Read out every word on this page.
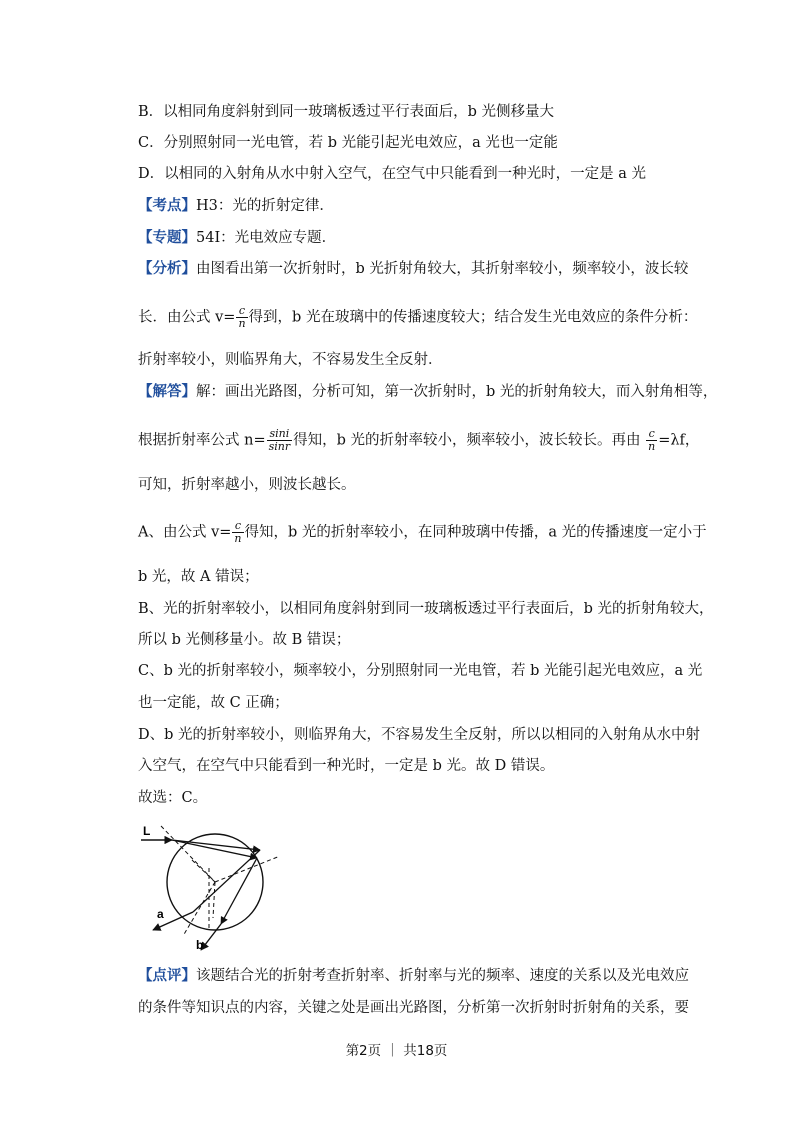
B．以相同角度斜射到同一玻璃板透过平行表面后，b 光侧移量大
C．分别照射同一光电管，若 b 光能引起光电效应，a 光也一定能
D．以相同的入射角从水中射入空气，在空气中只能看到一种光时，一定是 a 光
【考点】H3：光的折射定律．
【专题】54I：光电效应专题．
【分析】由图看出第一次折射时，b 光折射角较大，其折射率较小，频率较小，波长较
长．由公式 $v= \frac{c}{n}$ 得到，b 光在玻璃中的传播速度较大；结合发生光电效应的条件分析：
折射率较小，则临界角大，不容易发生全反射．
【解答】解：画出光路图，分析可知，第一次折射时，b 光的折射角较大，而入射角相等，
根据折射率公式 $n= \frac{\sin i}{\sin r}$ 得知，b 光的折射率较小，频率较小，波长较长。再由 $\frac{c}{n} =\lambda f$，
可知，折射率越小，则波长越长。
A、由公式 $v= \frac{c}{n}$ 得知，b 光的折射率较小，在同种玻璃中传播，a 光的传播速度一定小于
b 光，故 A 错误；
B、光的折射率较小，以相同角度斜射到同一玻璃板透过平行表面后，b 光的折射角较大，
所以 b 光侧移量小。故 B 错误；
C、b 光的折射率较小，频率较小，分别照射同一光电管，若 b 光能引起光电效应，a 光
也一定能，故 C 正确；
D、b 光的折射率较小，则临界角大，不容易发生全反射，所以以相同的入射角从水中射
入空气，在空气中只能看到一种光时，一定是 b 光。故 D 错误。
故选：C。
L
a
b
【点评】该题结合光的折射考查折射率、折射率与光的频率、速度的关系以及光电效应
的条件等知识点的内容，关键之处是画出光路图，分析第一次折射时折射角的关系，要
第2页 ｜ 共18页
